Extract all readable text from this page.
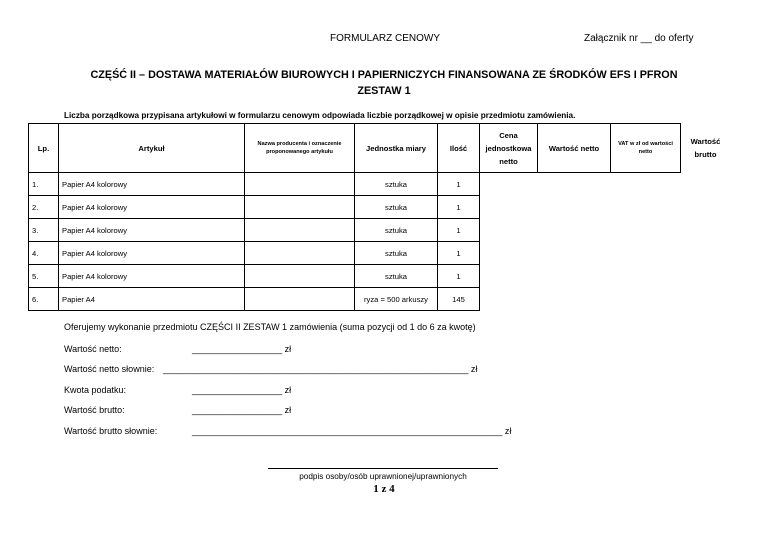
FORMULARZ CENOWY	Załącznik nr __ do oferty
CZĘŚĆ II – DOSTAWA MATERIAŁÓW BIUROWYCH I PAPIERNICZYCH FINANSOWANA ZE ŚRODKÓW EFS I PFRON
ZESTAW 1
Liczba porządkowa przypisana artykułowi w formularzu cenowym odpowiada liczbie porządkowej w opisie przedmiotu zamówienia.
Lp.	Artykuł	Nazwa producenta i oznaczenie proponowanego artykułu	Jednostka miary	Ilość	Cena jednostkowa netto	Wartość netto	VAT w zł od wartości netto	Wartość brutto
1.	Papier A4 kolorowy		sztuka	1				
2.	Papier A4 kolorowy		sztuka	1				
3.	Papier A4 kolorowy		sztuka	1				
4.	Papier A4 kolorowy		sztuka	1				
5.	Papier A4 kolorowy		sztuka	1				
6.	Papier A4		ryza = 500 arkuszy	145				
Oferujemy wykonanie przedmiotu CZĘŚCI II ZESTAW 1 zamówienia (suma pozycji od 1 do 6 za kwotę)
Wartość netto:	__________________ zł
Wartość netto słownie: _____________________________________________________________ zł
Kwota podatku:	__________________ zł
Wartość brutto:	__________________ zł
Wartość brutto słownie:	______________________________________________________________ zł
podpis osoby/osób uprawnionej/uprawnionych
1 z 4
